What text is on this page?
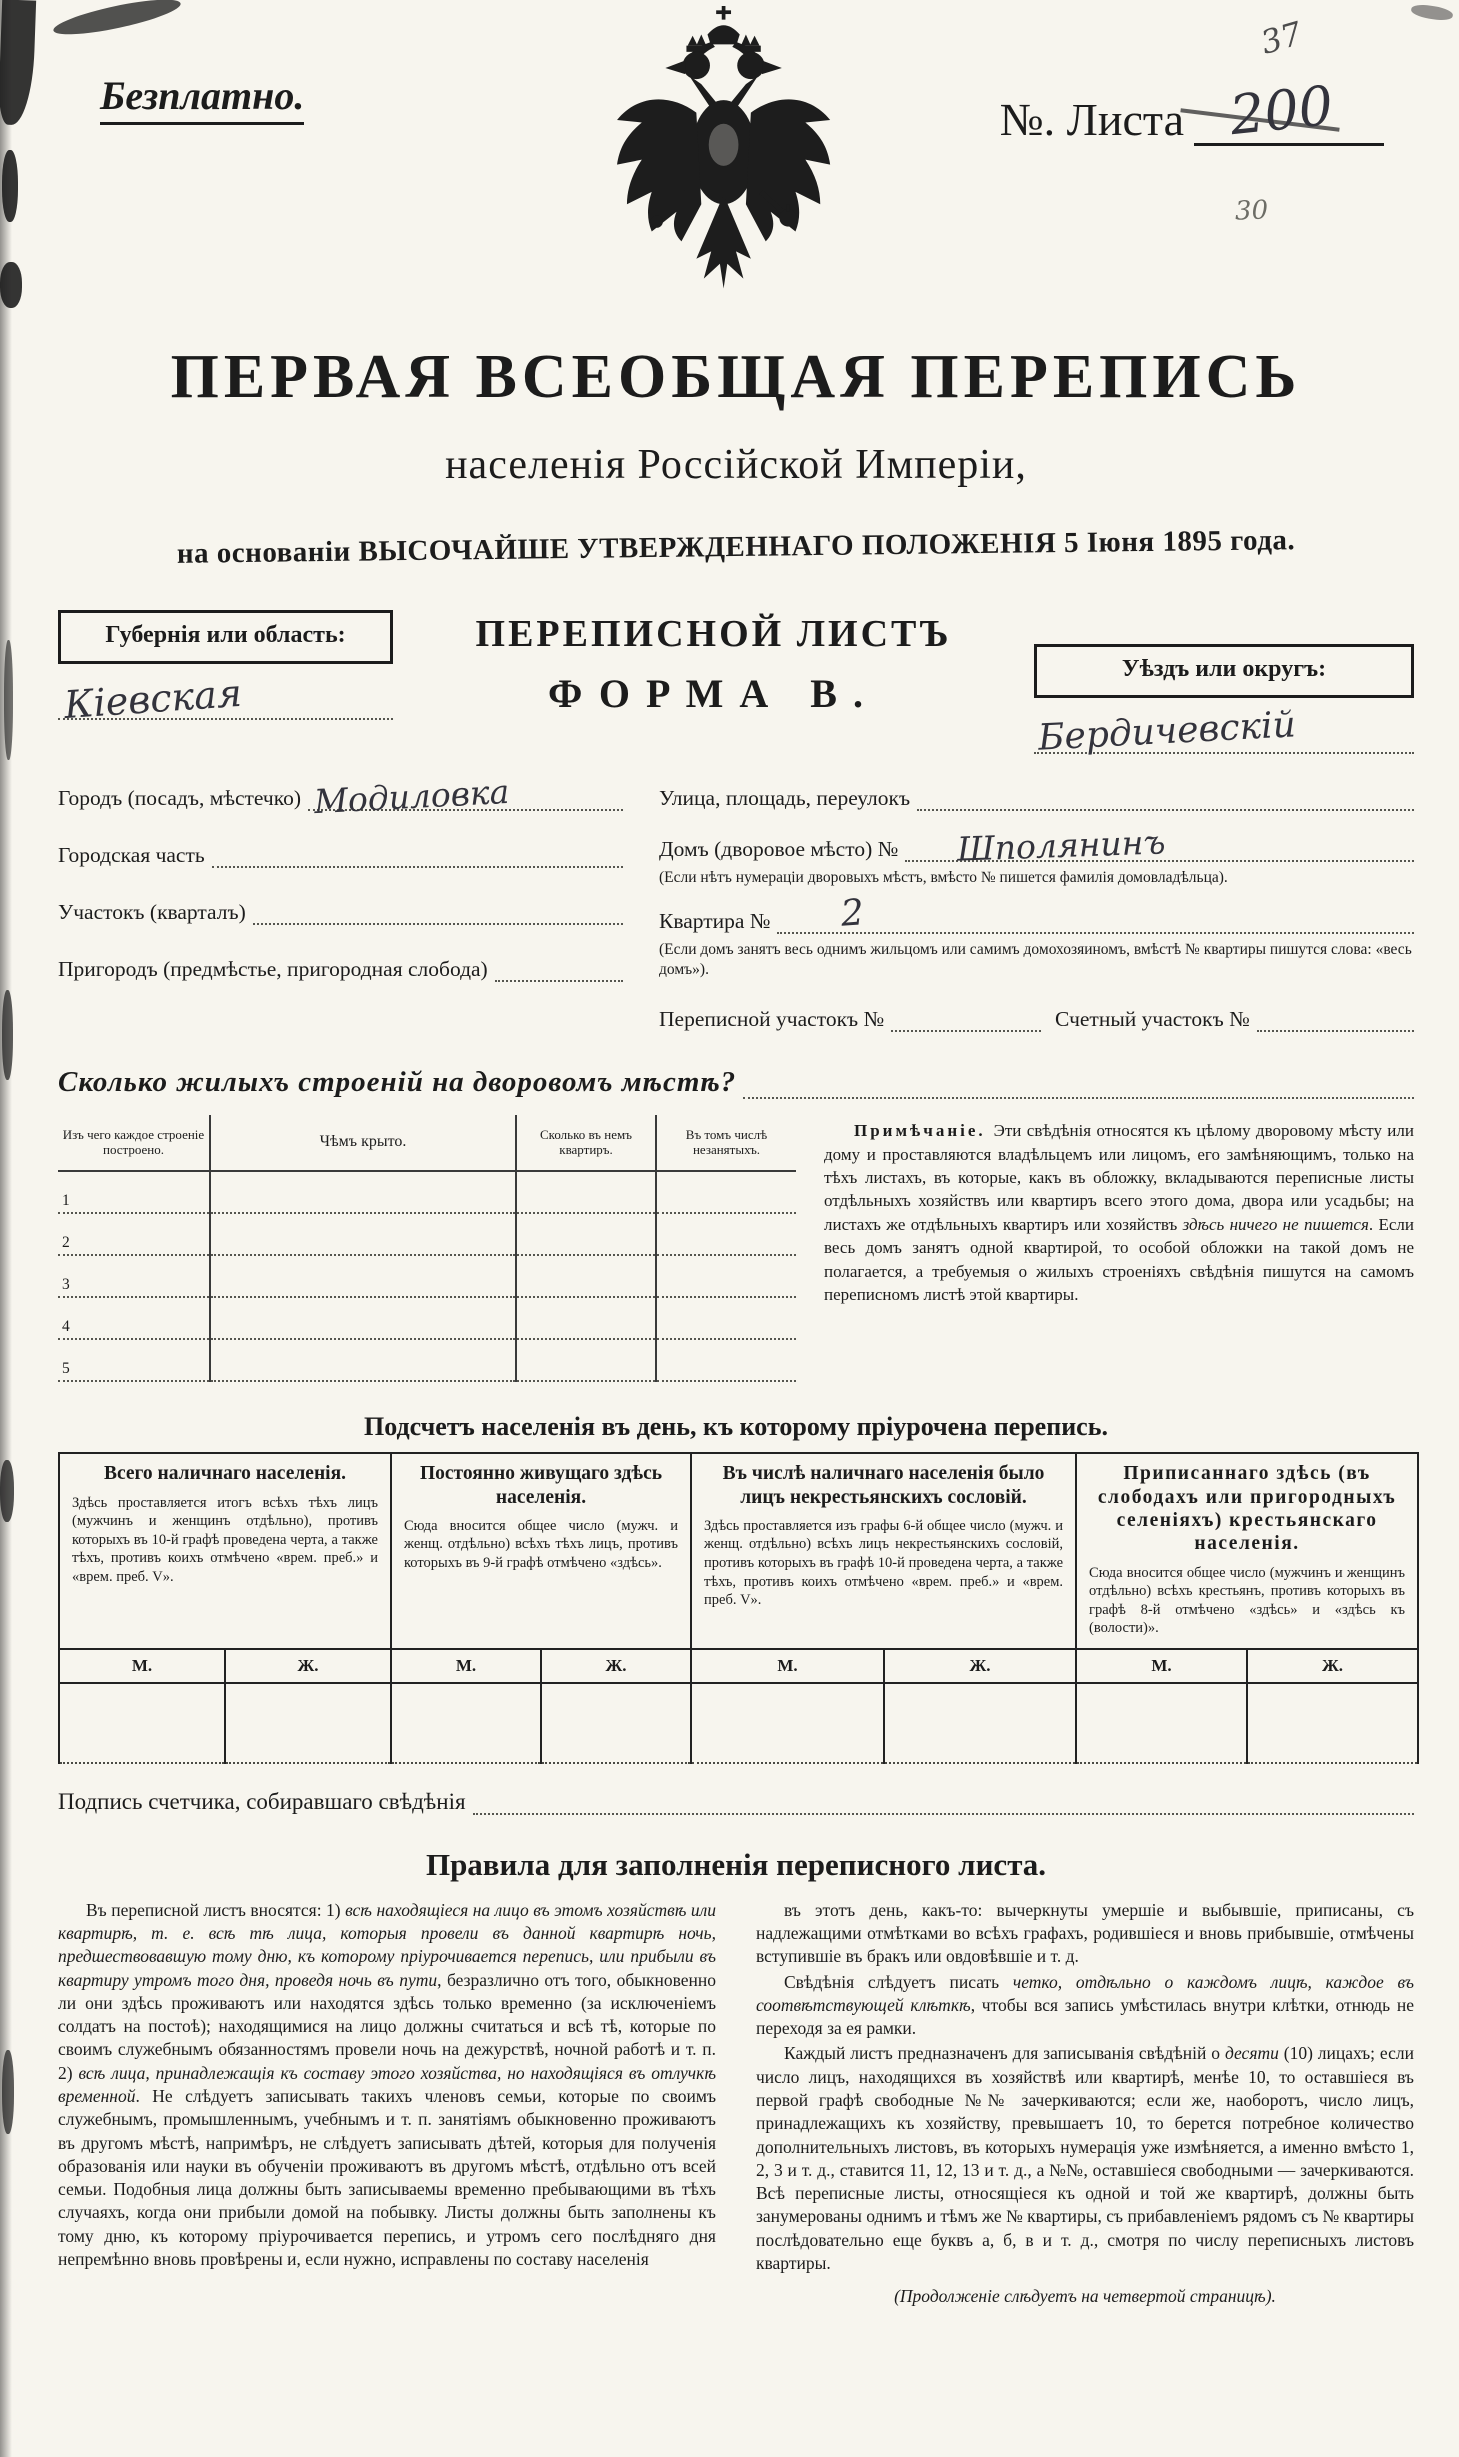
Безплатно.	№. Листа 200
37
30
ПЕРВАЯ ВСЕОБЩАЯ ПЕРЕПИСЬ
населенія Россійской Имперіи,
на основаніи ВЫСОЧАЙШЕ УТВЕРЖДЕННАГО ПОЛОЖЕНІЯ 5 Іюня 1895 года.
Губернія или область:
Кіевская
ПЕРЕПИСНОЙ ЛИСТЪ
ФОРМА В.
Уѣздъ или округъ:
Бердичевскій
Городъ (посадъ, мѣстечко) Модиловка
Городская часть
Участокъ (кварталъ)
Пригородъ (предмѣстье, пригородная слобода)
Улица, площадь, переулокъ
Домъ (дворовое мѣсто) № Шполянинъ
(Если нѣтъ нумераціи дворовыхъ мѣстъ, вмѣсто № пишется фамилія домовладѣльца).
Квартира № 2
(Если домъ занятъ весь однимъ жильцомъ или самимъ домохозяиномъ, вмѣстѣ № квартиры пишутся слова: «весь домъ»).
Переписной участокъ №	Счетный участокъ №
Сколько жилыхъ строеній на дворовомъ мѣстѣ?
Изъ чего каждое строеніе построено.	Чѣмъ крыто.	Сколько въ немъ квартиръ.	Въ томъ числѣ незанятыхъ.
1			
2			
3			
4			
5			

Примѣчаніе. Эти свѣдѣнія относятся къ цѣлому дворовому мѣсту или дому и проставляются владѣльцемъ или лицомъ, его замѣняющимъ, только на тѣхъ листахъ, въ которые, какъ въ обложку, вкладываются переписные листы отдѣльныхъ хозяйствъ или квартиръ всего этого дома, двора или усадьбы; на листахъ же отдѣльныхъ квартиръ или хозяйствъ здѣсь ничего не пишется. Если весь домъ занятъ одной квартирой, то особой обложки на такой домъ не полагается, а требуемыя о жилыхъ строеніяхъ свѣдѣнія пишутся на самомъ переписномъ листѣ этой квартиры.

Подсчетъ населенія въ день, къ которому пріурочена перепись.
Всего наличнаго населенія.
Здѣсь проставляется итогъ всѣхъ тѣхъ лицъ (мужчинъ и женщинъ отдѣльно), противъ которыхъ въ 10-й графѣ проведена черта, а также тѣхъ, противъ коихъ отмѣчено «врем. преб.» и «врем. преб. V».

Постоянно живущаго здѣсь населенія.
Сюда вносится общее число (мужч. и женщ. отдѣльно) всѣхъ тѣхъ лицъ, противъ которыхъ въ 9-й графѣ отмѣчено «здѣсь».

Въ числѣ наличнаго населенія было лицъ некрестьянскихъ сословій.
Здѣсь проставляется изъ графы 6-й общее число (мужч. и женщ. отдѣльно) всѣхъ лицъ некрестьянскихъ сословій, противъ которыхъ въ графѣ 10-й проведена черта, а также тѣхъ, противъ коихъ отмѣчено «врем. преб.» и «врем. преб. V».

Приписаннаго здѣсь (въ слободахъ или пригородныхъ селеніяхъ) крестьянскаго населенія.
Сюда вносится общее число (мужчинъ и женщинъ отдѣльно) всѣхъ крестьянъ, противъ которыхъ въ графѣ 8-й отмѣчено «здѣсь» и «здѣсь къ (волости)».

М.	Ж.	М.	Ж.	М.	Ж.	М.	Ж.

Подпись счетчика, собиравшаго свѣдѣнія
Правила для заполненія переписного листа.

Въ переписной листъ вносятся: 1) всѣ находящіеся на лицо въ этомъ хозяйствѣ или квартирѣ, т. е. всѣ тѣ лица, которыя провели въ данной квартирѣ ночь, предшествовавшую тому дню, къ которому пріурочивается перепись, или прибыли въ квартиру утромъ того дня, проведя ночь въ пути, безразлично отъ того, обыкновенно ли они здѣсь проживаютъ или находятся здѣсь только временно (за исключеніемъ солдатъ на постоѣ); находящимися на лицо должны считаться и всѣ тѣ, которые по своимъ служебнымъ обязанностямъ провели ночь на дежурствѣ, ночной работѣ и т. п. 2) всѣ лица, принадлежащія къ составу этого хозяйства, но находящіяся въ отлучкѣ временной. Не слѣдуетъ записывать такихъ членовъ семьи, которые по своимъ служебнымъ, промышленнымъ, учебнымъ и т. п. занятіямъ обыкновенно проживаютъ въ другомъ мѣстѣ, напримѣръ, не слѣдуетъ записывать дѣтей, которыя для полученія образованія или науки въ обученіи проживаютъ въ другомъ мѣстѣ, отдѣльно отъ всей семьи. Подобныя лица должны быть записываемы временно пребывающими въ тѣхъ случаяхъ, когда они прибыли домой на побывку. Листы должны быть заполнены къ тому дню, къ которому пріурочивается перепись, и утромъ сего послѣдняго дня непремѣнно вновь провѣрены и, если нужно, исправлены по составу населенія

въ этотъ день, какъ-то: вычеркнуты умершіе и выбывшіе, приписаны, съ надлежащими отмѣтками во всѣхъ графахъ, родившіеся и вновь прибывшіе, отмѣчены вступившіе въ бракъ или овдовѣвшіе и т. д.

Свѣдѣнія слѣдуетъ писать четко, отдѣльно о каждомъ лицѣ, каждое въ соотвѣтствующей клѣткѣ, чтобы вся запись умѣстилась внутри клѣтки, отнюдь не переходя за ея рамки.

Каждый листъ предназначенъ для записыванія свѣдѣній о десяти (10) лицахъ; если число лицъ, находящихся въ хозяйствѣ или квартирѣ, менѣе 10, то оставшіеся въ первой графѣ свободные №№ зачеркиваются; если же, наоборотъ, число лицъ, принадлежащихъ къ хозяйству, превышаетъ 10, то берется потребное количество дополнительныхъ листовъ, въ которыхъ нумерація уже измѣняется, а именно вмѣсто 1, 2, 3 и т. д., ставится 11, 12, 13 и т. д., а №№, оставшіеся свободными — зачеркиваются. Всѣ переписные листы, относящіеся къ одной и той же квартирѣ, должны быть занумерованы однимъ и тѣмъ же № квартиры, съ прибавленіемъ рядомъ съ № квартиры послѣдовательно еще буквъ а, б, в и т. д., смотря по числу переписныхъ листовъ квартиры.

(Продолженіе слѣдуетъ на четвертой страницѣ).
